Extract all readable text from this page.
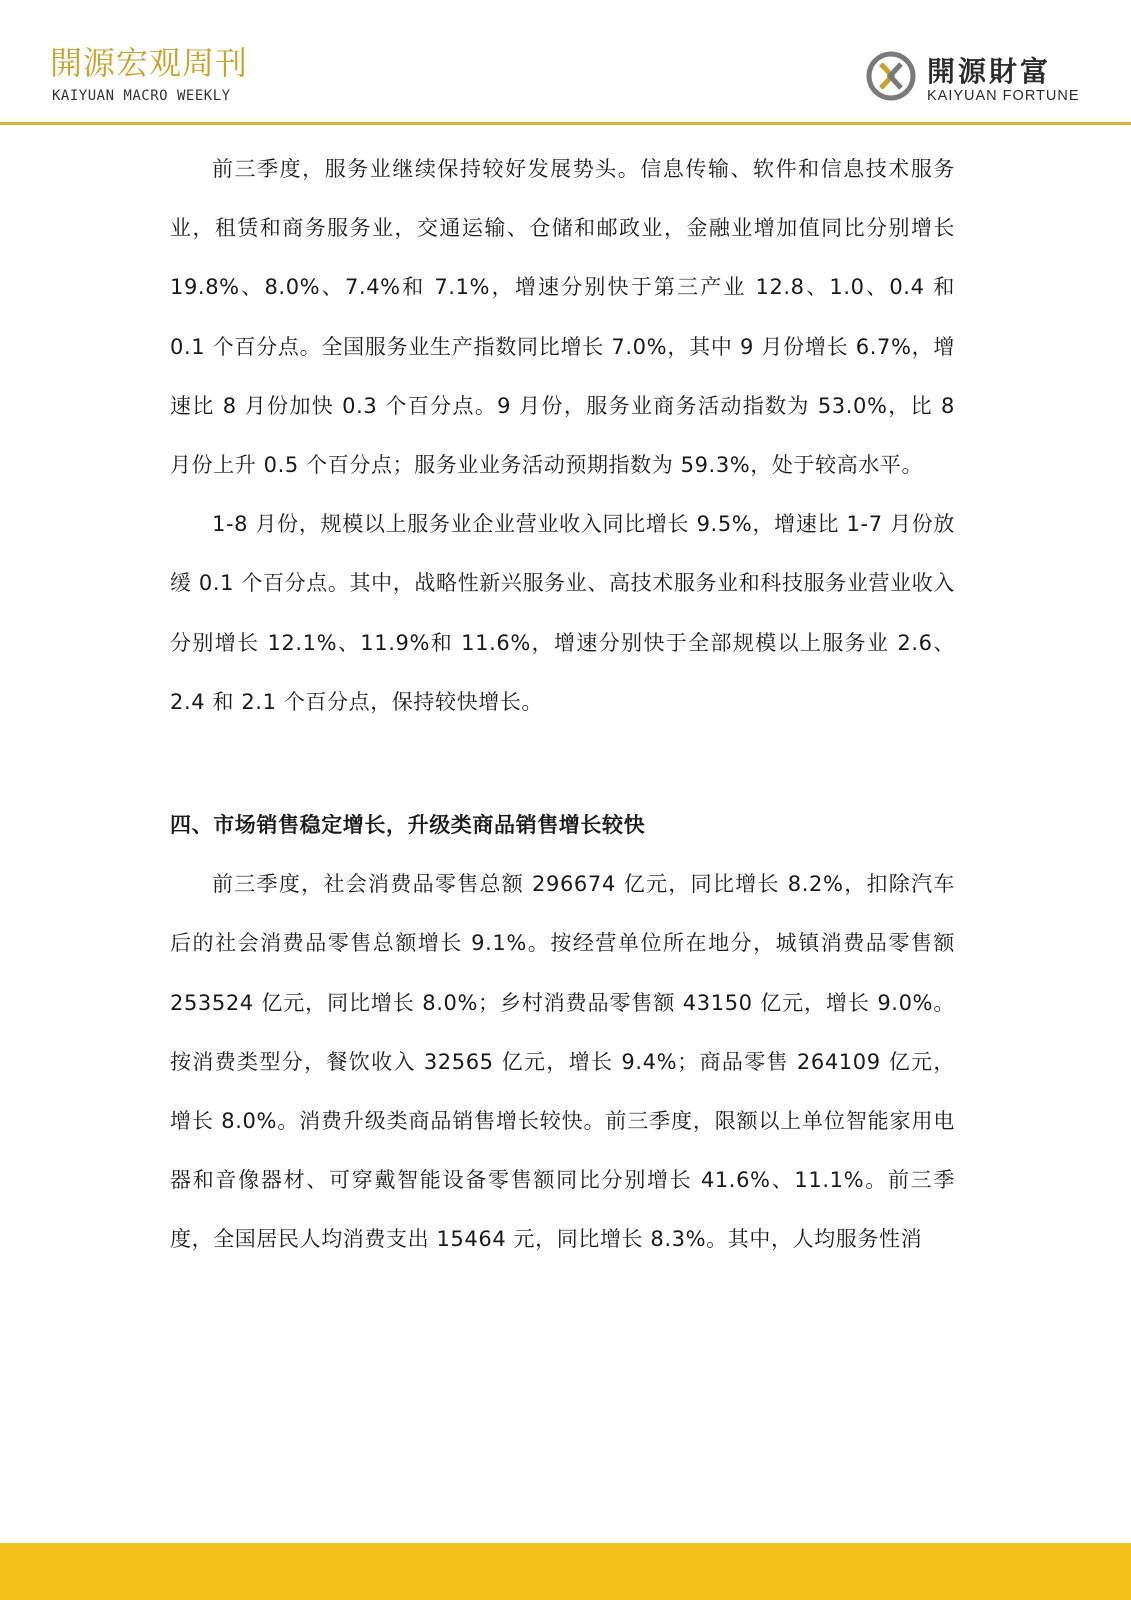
開源宏观周刊
KAIYUAN MACRO WEEKLY
開源財富
KAIYUAN FORTUNE

前三季度，服务业继续保持较好发展势头。信息传输、软件和信息技术服务业，租赁和商务服务业，交通运输、仓储和邮政业，金融业增加值同比分别增长 19.8%、8.0%、7.4%和 7.1%，增速分别快于第三产业 12.8、1.0、0.4 和 0.1 个百分点。全国服务业生产指数同比增长 7.0%，其中 9 月份增长 6.7%，增速比 8 月份加快 0.3 个百分点。9 月份，服务业商务活动指数为 53.0%，比 8 月份上升 0.5 个百分点；服务业业务活动预期指数为 59.3%，处于较高水平。

1-8 月份，规模以上服务业企业营业收入同比增长 9.5%，增速比 1-7 月份放缓 0.1 个百分点。其中，战略性新兴服务业、高技术服务业和科技服务业营业收入分别增长 12.1%、11.9%和 11.6%，增速分别快于全部规模以上服务业 2.6、2.4 和 2.1 个百分点，保持较快增长。

四、市场销售稳定增长，升级类商品销售增长较快

前三季度，社会消费品零售总额 296674 亿元，同比增长 8.2%，扣除汽车后的社会消费品零售总额增长 9.1%。按经营单位所在地分，城镇消费品零售额 253524 亿元，同比增长 8.0%；乡村消费品零售额 43150 亿元，增长 9.0%。按消费类型分，餐饮收入 32565 亿元，增长 9.4%；商品零售 264109 亿元，增长 8.0%。消费升级类商品销售增长较快。前三季度，限额以上单位智能家用电器和音像器材、可穿戴智能设备零售额同比分别增长 41.6%、11.1%。前三季度，全国居民人均消费支出 15464 元，同比增长 8.3%。其中，人均服务性消
